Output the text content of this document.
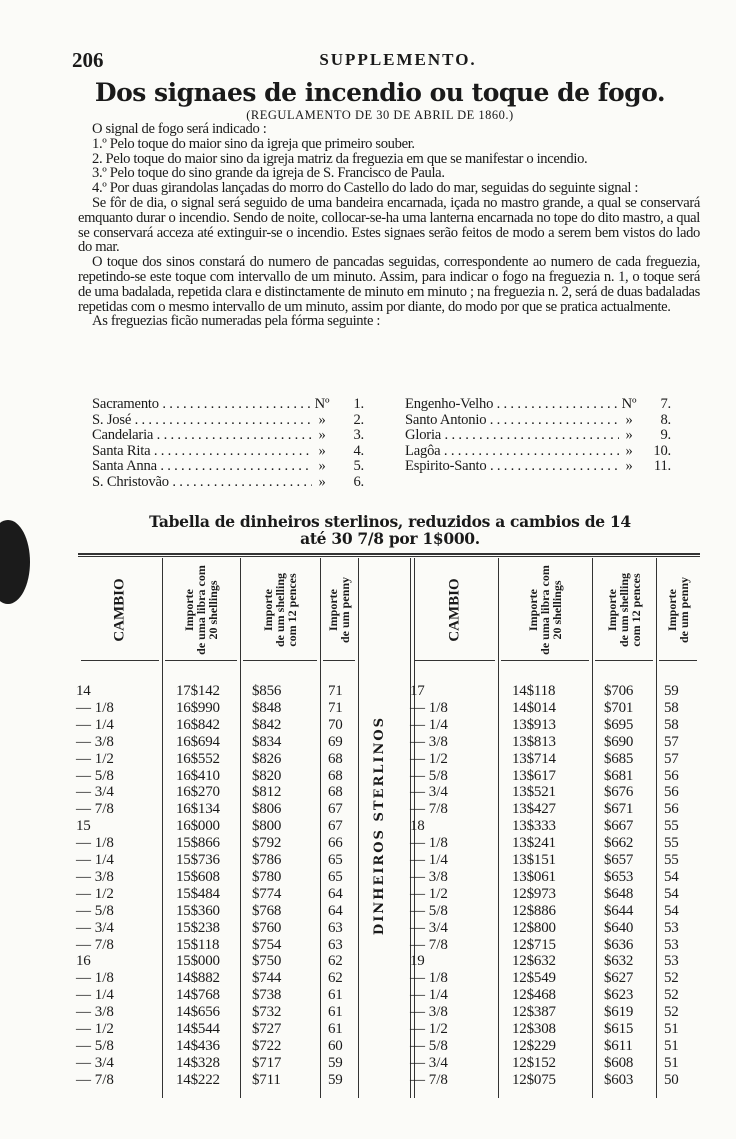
206	SUPPLEMENTO.
Dos signaes de incendio ou toque de fogo.
(REGULAMENTO DE 30 DE ABRIL DE 1860.)

O signal de fogo será indicado :

1.º Pelo toque do maior sino da igreja que primeiro souber.

2. Pelo toque do maior sino da igreja matriz da freguezia em que se manifestar o incendio.

3.º Pelo toque do sino grande da igreja de S. Francisco de Paula.

4.º Por duas girandolas lançadas do morro do Castello do lado do mar, seguidas do seguinte signal :

Se fôr de dia, o signal será seguido de uma bandeira encarnada, içada no mastro grande, a qual se conservará emquanto durar o incendio. Sendo de noite, collocar-se-ha uma lanterna encarnada no tope do dito mastro, a qual se conservará acceza até extinguir-se o incendio. Estes signaes serão feitos de modo a serem bem vistos do lado do mar.

O toque dos sinos constará do numero de pancadas seguidas, correspondente ao numero de cada freguezia, repetindo-se este toque com intervallo de um minuto. Assim, para indicar o fogo na freguezia n. 1, o toque será de uma badalada, repetida clara e distinctamente de minuto em minuto ; na freguezia n. 2, será de duas badaladas repetidas com o mesmo intervallo de um minuto, assim por diante, do modo por que se pratica actualmente.

As freguezias ficão numeradas pela fórma seguinte :

Sacramento . . .	Nº	1.
S. José . . .	»	2.
Candelaria . . .	»	3.
Santa Rita . . .	»	4.
Santa Anna . . .	»	5.
S. Christovão . . .	»	6.
Engenho-Velho . . .	Nº	7.
Santo Antonio . . .	»	8.
Gloria . . .	»	9.
Lagôa . . .	»	10.
Espirito-Santo . . .	»	11.
Tabella de dinheiros sterlinos, reduzidos a cambios de 14
até 30 7/8 por 1$000.
CAMBIO	Importe
de uma libra com
20 shellings	Importe
de um shelling
com 12 pences Importe
de um penny
14	17$142 $856	71
— 1/8	16$990 $848	71
— 1/4	16$842 $842	70
— 3/8	16$694 $834	69
— 1/2	16$552 $826	68
— 5/8	16$410 $820	68
— 3/4	16$270 $812	68
— 7/8	16$134 $806	67
15	16$000 $800	67
— 1/8	15$866 $792	66
— 1/4	15$736 $786	65
— 3/8	15$608 $780	65
— 1/2	15$484 $774	64
— 5/8	15$360 $768	64
— 3/4	15$238 $760	63
— 7/8	15$118 $754	63
16	15$000 $750	62
— 1/8	14$882 $744	62
— 1/4	14$768 $738	61
— 3/8	14$656 $732	61
— 1/2	14$544 $727	61
— 5/8	14$436 $722	60
— 3/4	14$328 $717	59
— 7/8	14$222 $711	59
CAMBIO	Importe
de uma libra com
20 shellings	Importe
de um shelling
com 12 pences Importe
de um penny
17	14$118	$706 59
— 1/8	14$014	$701 58
— 1/4	13$913	$695 58
— 3/8	13$813	$690 57
— 1/2	13$714	$685 57
— 5/8	13$617	$681 56
— 3/4	13$521	$676 56
— 7/8	13$427	$671 56
18	13$333	$667 55
— 1/8	13$241	$662 55
— 1/4	13$151	$657 55
— 3/8	13$061	$653 54
— 1/2	12$973	$648 54
— 5/8	12$886	$644 54
— 3/4	12$800	$640 53
— 7/8	12$715	$636 53
19	12$632	$632 53
— 1/8	12$549	$627 52
— 1/4	12$468	$623 52
— 3/8	12$387	$619 52
— 1/2	12$308	$615 51
— 5/8	12$229	$611 51
— 3/4	12$152	$608 51
— 7/8	12$075	$603 50
DINHEIROS STERLINOS
